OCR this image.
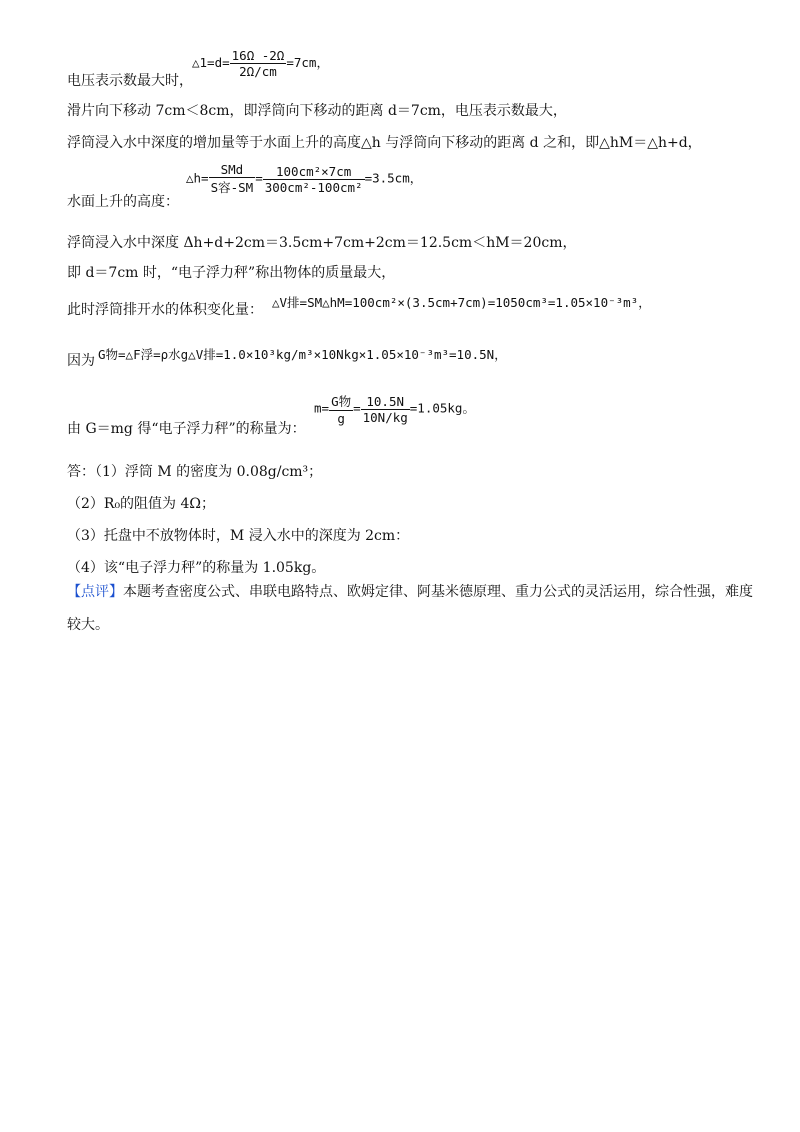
电压表示数最大时，
△1=d= $\frac{16\Omega -2\Omega}{2\Omega/cm} =7cm$，
滑片向下移动 7cm＜8cm，即浮筒向下移动的距离 d＝7cm，电压表示数最大，
浮筒浸入水中深度的增加量等于水面上升的高度△h 与浮筒向下移动的距离 d 之和，即△hM＝△h+d，
水面上升的高度：
△h= $\frac{\text{SMd}}{\text{S容-SM}} = \frac{\text{100cm²×7cm}}{\text{300cm²-100cm²}} =3.5cm$，
浮筒浸入水中深度 Δh+d+2cm＝3.5cm+7cm+2cm＝12.5cm＜hM＝20cm，
即 d＝7cm 时，“电子浮力秤”称出物体的质量最大，
此时浮筒排开水的体积变化量： △V排=SM△hM=100cm²×(3.5cm+7cm)=1050cm³=1.05×10⁻³m³，
因为 G物=△F浮=ρ水g△V排=1.0×10³kg/m³×10Nkg×1.05×10⁻³m³=10.5N，
由 G＝mg 得“电子浮力秤”的称量为：
$m= \frac{\text{G物}}{g} = \frac{10.5N}{10N/kg} =1.05kg$。
答：（1）浮筒 M 的密度为 0.08g/cm³；
（2）R₀的阻值为 4Ω；
（3）托盘中不放物体时，M 浸入水中的深度为 2cm：
（4）该“电子浮力秤”的称量为 1.05kg。
【点评】本题考查密度公式、串联电路特点、欧姆定律、阿基米德原理、重力公式的灵活运用，综合性强，难度较大。
